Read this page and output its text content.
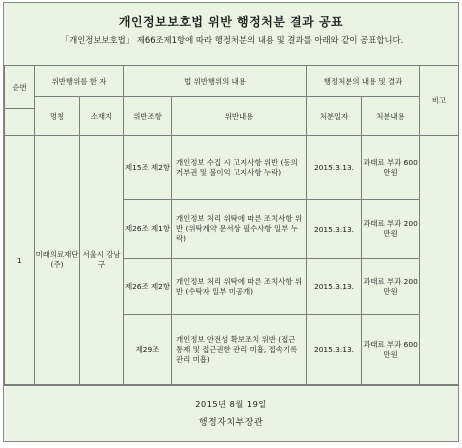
개인정보보호법 위반 행정처분 결과 공표
「개인정보보호법」 제66조제1항에 따라 행정처분의 내용 및 결과를 아래와 같이 공표합니다.
순번	위반행위를 한 자		법 위반행위의 내용		행정처분의 내용 및 결과		비고
	명칭	소재지	위반조항	위반내용	처분일자	처분내용	

1	미래의료재단(주)	서울시 강남구	제15조 제2항	개인정보 수집 시 고지사항 위반 (동의거부권 및 불이익 고지사항 누락)	2015.3.13.	과태료 부과 600만원	
			제26조 제1항	개인정보 처리 위탁에 따른 조치사항 위반 (위탁계약 문서상 필수사항 일부 누락)	2015.3.13.	과태료 부과 200만원	
			제26조 제2항	개인정보 처리 위탁에 따른 조치사항 위반 (수탁자 일부 미공개)	2015.3.13.	과태료 부과 200만원	
			제29조	개인정보 안전성 확보조치 위반 (접근통제 및 접근권한 관리 미흡, 접속기록 관리 미흡)	2015.3.13.	과태료 부과 600만원	
2015년 8월 19일
행정자치부장관
